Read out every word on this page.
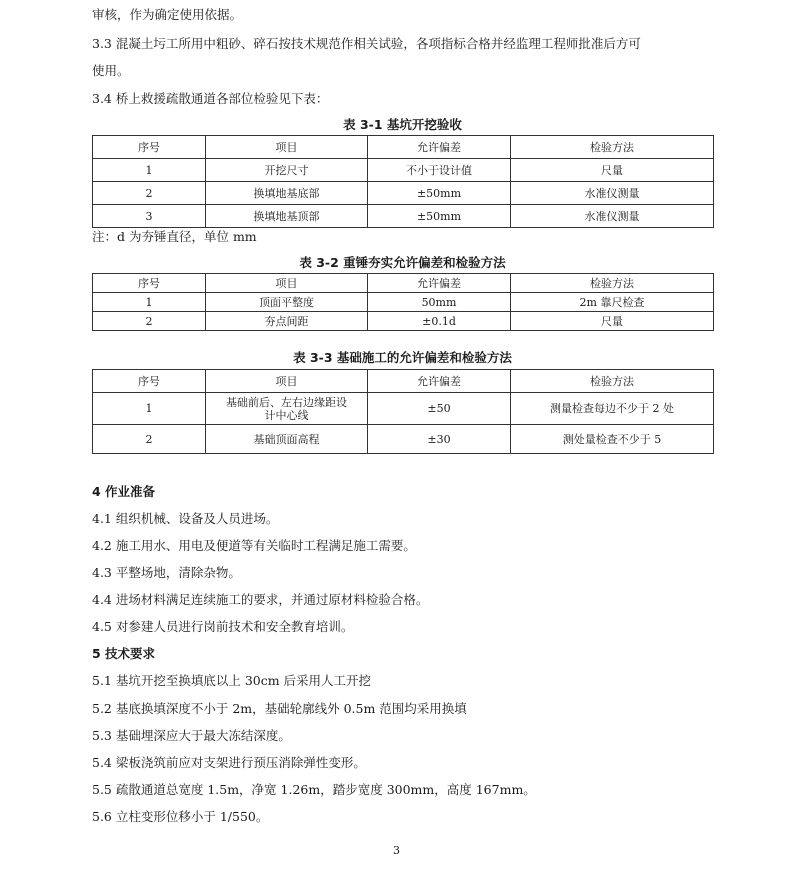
审核，作为确定使用依据。
3.3 混凝土圬工所用中粗砂、碎石按技术规范作相关试验，各项指标合格并经监理工程师批准后方可
使用。
3.4 桥上救援疏散通道各部位检验见下表：
表 3-1 基坑开挖验收
序号	项目	允许偏差	检验方法
1	开挖尺寸	不小于设计值	尺量
2	换填地基底部	±50mm	水准仪测量
3	换填地基顶部	±50mm	水准仪测量
注：d 为夯锤直径，单位 mm
表 3-2 重锤夯实允许偏差和检验方法
序号	项目	允许偏差	检验方法
1	顶面平整度	50mm	2m 靠尺检查
2	夯点间距	±0.1d	尺量
表 3-3 基础施工的允许偏差和检验方法
序号	项目	允许偏差	检验方法
1	基础前后、左右边缘距设计中心线	±50	测量检查每边不少于 2 处
2	基础顶面高程	±30	测处量检查不少于 5
4 作业准备
4.1 组织机械、设备及人员进场。
4.2 施工用水、用电及便道等有关临时工程满足施工需要。
4.3 平整场地，清除杂物。
4.4 进场材料满足连续施工的要求，并通过原材料检验合格。
4.5 对参建人员进行岗前技术和安全教育培训。
5 技术要求
5.1 基坑开挖至换填底以上 30cm 后采用人工开挖
5.2 基底换填深度不小于 2m，基础轮廓线外 0.5m 范围均采用换填
5.3 基础埋深应大于最大冻结深度。
5.4 梁板浇筑前应对支架进行预压消除弹性变形。
5.5 疏散通道总宽度 1.5m，净宽 1.26m，踏步宽度 300mm，高度 167mm。
5.6 立柱变形位移小于 1/550。
3
